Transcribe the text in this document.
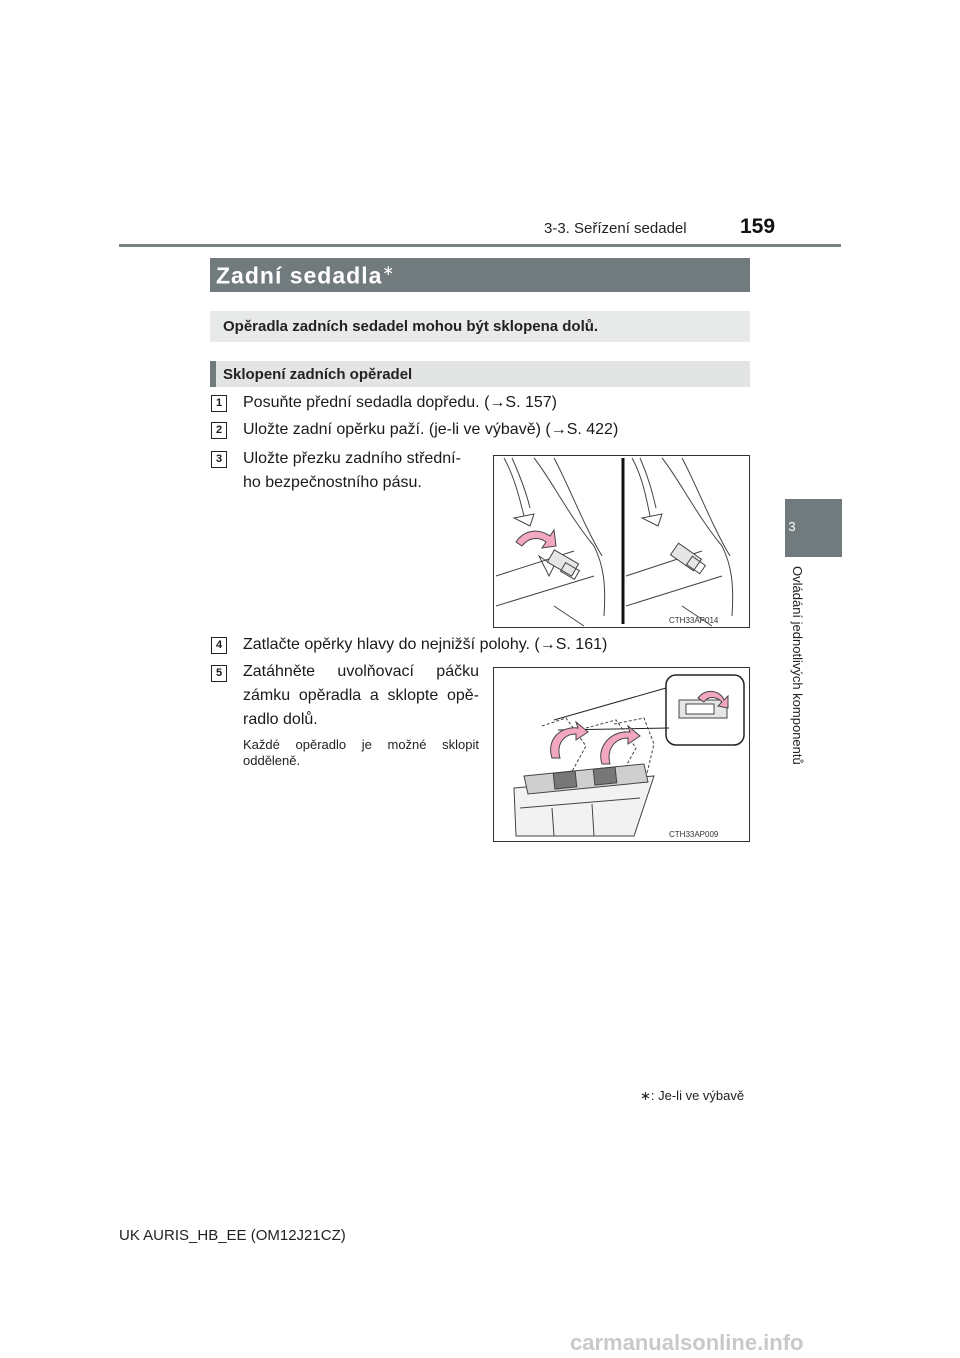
3-3. Seřízení sedadel	159
3
Ovládání jednotlivých komponentů
Zadní sedadla∗
Opěradla zadních sedadel mohou být sklopena dolů.
Sklopení zadních opěradel
1	Posuňte přední sedadla dopředu. (→S. 157)
2	Uložte zadní opěrku paží. (je-li ve výbavě) (→S. 422)
3	Uložte přezku zadního střední-
ho bezpečnostního pásu.
CTH33AP014
4	Zatlačte opěrky hlavy do nejnižší polohy. (→S. 161)
5	Zatáhněte uvolňovací páčku
zámku opěradla a sklopte opě-
radlo dolů.
Každé opěradlo je možné sklopit odděleně.
CTH33AP009
∗: Je-li ve výbavě
UK AURIS_HB_EE (OM12J21CZ)
carmanualsonline.info
